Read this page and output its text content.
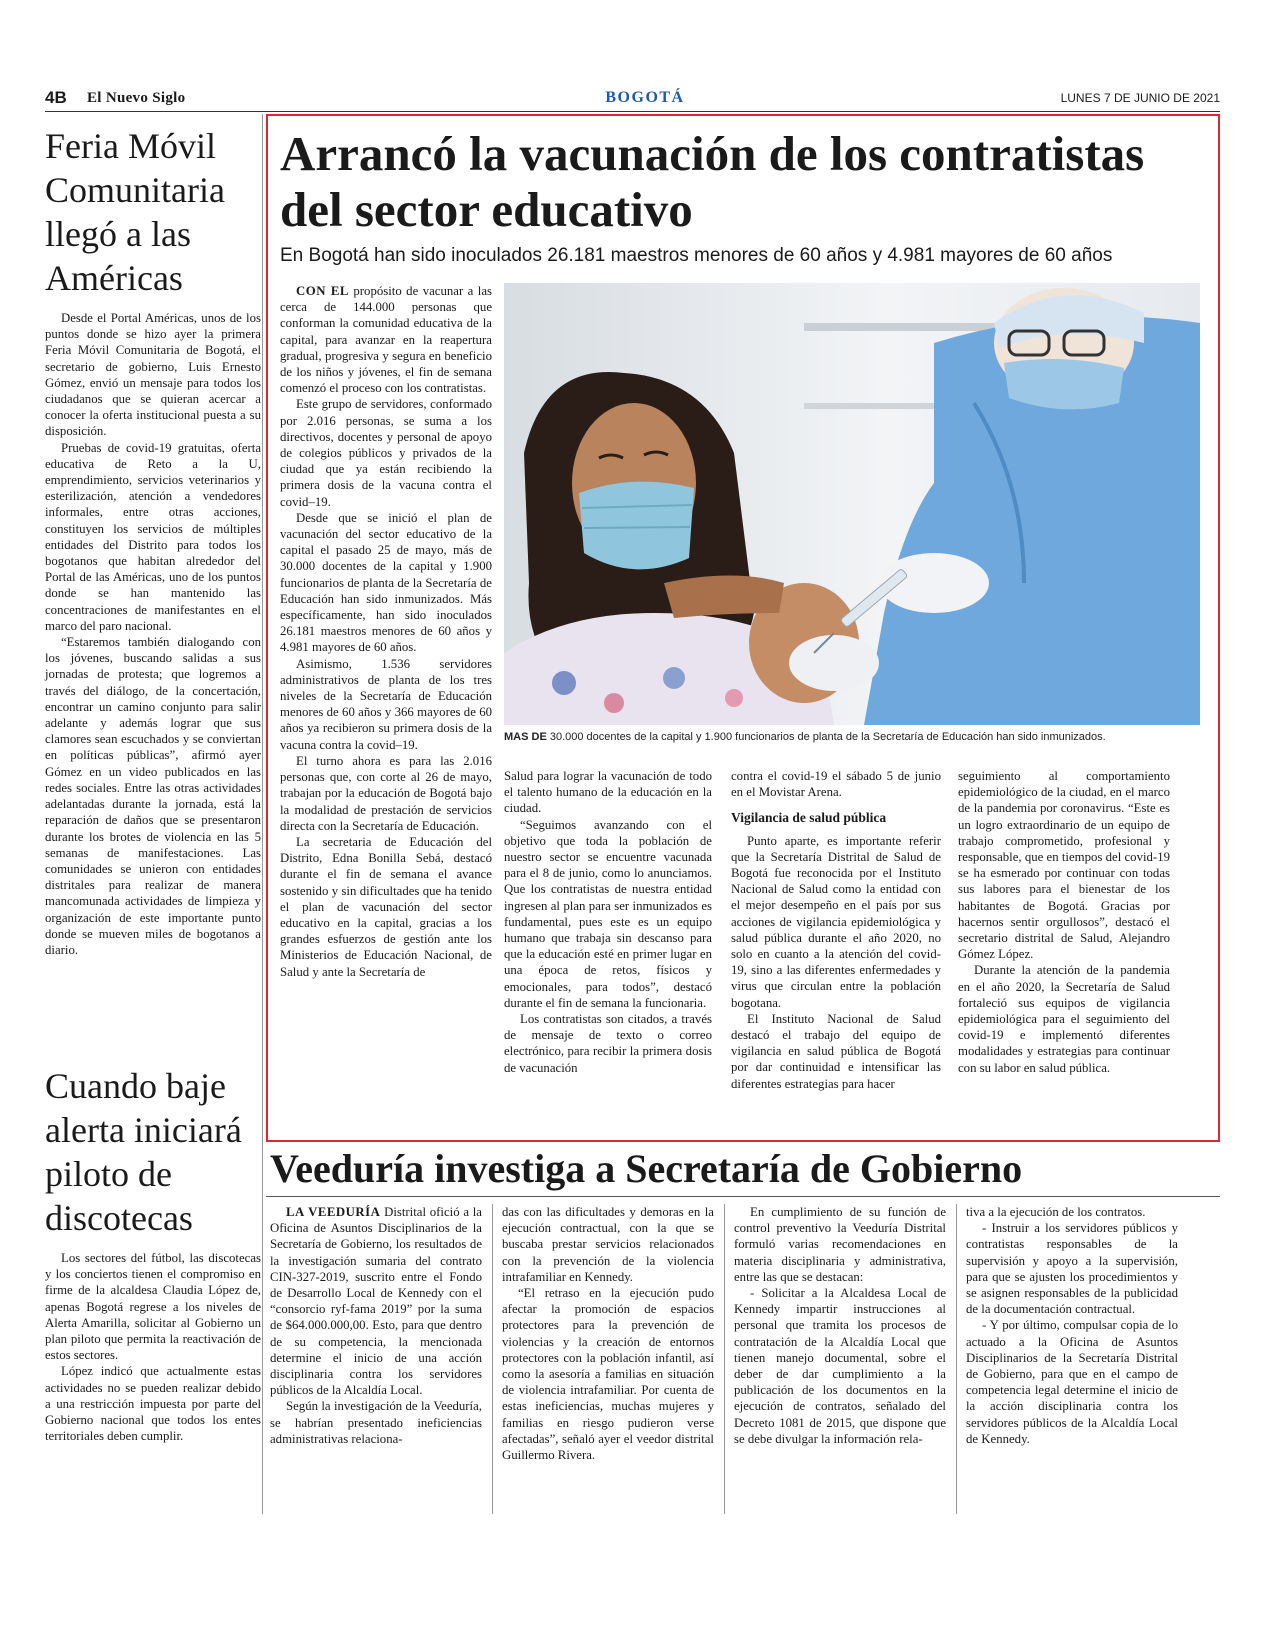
4B El Nuevo Siglo	BOGOTÁ	LUNES 7 DE JUNIO DE 2021
Feria Móvil Comunitaria llegó a las Américas

Desde el Portal Américas, unos de los puntos donde se hizo ayer la primera Feria Móvil Comunitaria de Bogotá, el secretario de gobierno, Luis Ernesto Gómez, envió un mensaje para todos los ciudadanos que se quieran acercar a conocer la oferta institucional puesta a su disposición.

Pruebas de covid-19 gratuitas, oferta educativa de Reto a la U, emprendimiento, servicios veterinarios y esterilización, atención a vendedores informales, entre otras acciones, constituyen los servicios de múltiples entidades del Distrito para todos los bogotanos que habitan alrededor del Portal de las Américas, uno de los puntos donde se han mantenido las concentraciones de manifestantes en el marco del paro nacional.

“Estaremos también dialogando con los jóvenes, buscando salidas a sus jornadas de protesta; que logremos a través del diálogo, de la concertación, encontrar un camino conjunto para salir adelante y además lograr que sus clamores sean escuchados y se conviertan en políticas públicas”, afirmó ayer Gómez en un video publicados en las redes sociales. Entre las otras actividades adelantadas durante la jornada, está la reparación de daños que se presentaron durante los brotes de violencia en las 5 semanas de manifestaciones. Las comunidades se unieron con entidades distritales para realizar de manera mancomunada actividades de limpieza y organización de este importante punto donde se mueven miles de bogotanos a diario.

Cuando baje alerta iniciará piloto de discotecas

Los sectores del fútbol, las discotecas y los conciertos tienen el compromiso en firme de la alcaldesa Claudia López de, apenas Bogotá regrese a los niveles de Alerta Amarilla, solicitar al Gobierno un plan piloto que permita la reactivación de estos sectores.

López indicó que actualmente estas actividades no se pueden realizar debido a una restricción impuesta por parte del Gobierno nacional que todos los entes territoriales deben cumplir.

Arrancó la vacunación de los contratistas del sector educativo
En Bogotá han sido inoculados 26.181 maestros menores de 60 años y 4.981 mayores de 60 años

CON EL propósito de vacunar a las cerca de 144.000 personas que conforman la comunidad educativa de la capital, para avanzar en la reapertura gradual, progresiva y segura en beneficio de los niños y jóvenes, el fin de semana comenzó el proceso con los contratistas.

Este grupo de servidores, conformado por 2.016 personas, se suma a los directivos, docentes y personal de apoyo de colegios públicos y privados de la ciudad que ya están recibiendo la primera dosis de la vacuna contra el covid–19.

Desde que se inició el plan de vacunación del sector educativo de la capital el pasado 25 de mayo, más de 30.000 docentes de la capital y 1.900 funcionarios de planta de la Secretaría de Educación han sido inmunizados. Más específicamente, han sido inoculados 26.181 maestros menores de 60 años y 4.981 mayores de 60 años.

Asimismo, 1.536 servidores administrativos de planta de los tres niveles de la Secretaría de Educación menores de 60 años y 366 mayores de 60 años ya recibieron su primera dosis de la vacuna contra la covid–19.

El turno ahora es para las 2.016 personas que, con corte al 26 de mayo, trabajan por la educación de Bogotá bajo la modalidad de prestación de servicios directa con la Secretaría de Educación.

La secretaria de Educación del Distrito, Edna Bonilla Sebá, destacó durante el fin de semana el avance sostenido y sin dificultades que ha tenido el plan de vacunación del sector educativo en la capital, gracias a los grandes esfuerzos de gestión ante los Ministerios de Educación Nacional, de Salud y ante la Secretaría de

MAS DE 30.000 docentes de la capital y 1.900 funcionarios de planta de la Secretaría de Educación han sido inmunizados.

Salud para lograr la vacunación de todo el talento humano de la educación en la ciudad.

“Seguimos avanzando con el objetivo que toda la población de nuestro sector se encuentre vacunada para el 8 de junio, como lo anunciamos. Que los contratistas de nuestra entidad ingresen al plan para ser inmunizados es fundamental, pues este es un equipo humano que trabaja sin descanso para que la educación esté en primer lugar en una época de retos, físicos y emocionales, para todos”, destacó durante el fin de semana la funcionaria.

Los contratistas son citados, a través de mensaje de texto o correo electrónico, para recibir la primera dosis de vacunación

contra el covid-19 el sábado 5 de junio en el Movistar Arena.

Vigilancia de salud pública

Punto aparte, es importante referir que la Secretaría Distrital de Salud de Bogotá fue reconocida por el Instituto Nacional de Salud como la entidad con el mejor desempeño en el país por sus acciones de vigilancia epidemiológica y salud pública durante el año 2020, no solo en cuanto a la atención del covid-19, sino a las diferentes enfermedades y virus que circulan entre la población bogotana.

El Instituto Nacional de Salud destacó el trabajo del equipo de vigilancia en salud pública de Bogotá por dar continuidad e intensificar las diferentes estrategias para hacer

seguimiento al comportamiento epidemiológico de la ciudad, en el marco de la pandemia por coronavirus. “Este es un logro extraordinario de un equipo de trabajo comprometido, profesional y responsable, que en tiempos del covid-19 se ha esmerado por continuar con todas sus labores para el bienestar de los habitantes de Bogotá. Gracias por hacernos sentir orgullosos”, destacó el secretario distrital de Salud, Alejandro Gómez López.

Durante la atención de la pandemia en el año 2020, la Secretaría de Salud fortaleció sus equipos de vigilancia epidemiológica para el seguimiento del covid-19 e implementó diferentes modalidades y estrategias para continuar con su labor en salud pública.

Veeduría investiga a Secretaría de Gobierno

LA VEEDURÍA Distrital ofició a la Oficina de Asuntos Disciplinarios de la Secretaría de Gobierno, los resultados de la investigación sumaria del contrato CIN-327-2019, suscrito entre el Fondo de Desarrollo Local de Kennedy con el “consorcio ryf-fama 2019” por la suma de $64.000.000,00. Esto, para que dentro de su competencia, la mencionada determine el inicio de una acción disciplinaria contra los servidores públicos de la Alcaldía Local.

Según la investigación de la Veeduría, se habrían presentado ineficiencias administrativas relaciona-

das con las dificultades y demoras en la ejecución contractual, con la que se buscaba prestar servicios relacionados con la prevención de la violencia intrafamiliar en Kennedy.

“El retraso en la ejecución pudo afectar la promoción de espacios protectores para la prevención de violencias y la creación de entornos protectores con la población infantil, así como la asesoría a familias en situación de violencia intrafamiliar. Por cuenta de estas ineficiencias, muchas mujeres y familias en riesgo pudieron verse afectadas”, señaló ayer el veedor distrital Guillermo Rivera.

En cumplimiento de su función de control preventivo la Veeduría Distrital formuló varias recomendaciones en materia disciplinaria y administrativa, entre las que se destacan:

- Solicitar a la Alcaldesa Local de Kennedy impartir instrucciones al personal que tramita los procesos de contratación de la Alcaldía Local que tienen manejo documental, sobre el deber de dar cumplimiento a la publicación de los documentos en la ejecución de contratos, señalado del Decreto 1081 de 2015, que dispone que se debe divulgar la información rela-

tiva a la ejecución de los contratos.

- Instruir a los servidores públicos y contratistas responsables de la supervisión y apoyo a la supervisión, para que se ajusten los procedimientos y se asignen responsables de la publicidad de la documentación contractual.

- Y por último, compulsar copia de lo actuado a la Oficina de Asuntos Disciplinarios de la Secretaría Distrital de Gobierno, para que en el campo de competencia legal determine el inicio de la acción disciplinaria contra los servidores públicos de la Alcaldía Local de Kennedy.
